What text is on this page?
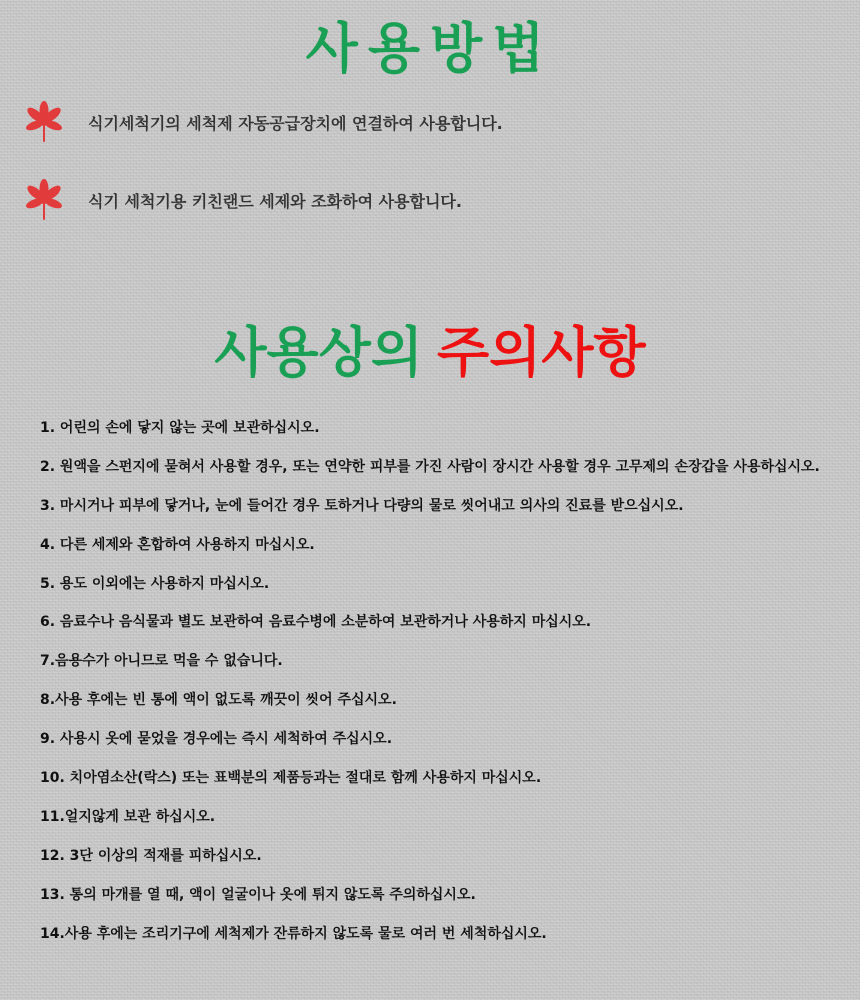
사용방법
식기세척기의 세척제 자동공급장치에 연결하여 사용합니다.
식기 세척기용 키친랜드 세제와 조화하여 사용합니다.
사용상의 주의사항
1. 어린의 손에 닿지 않는 곳에 보관하십시오.
2. 원액을 스펀지에 묻혀서 사용할 경우, 또는 연약한 피부를 가진 사람이 장시간 사용할 경우 고무제의 손장갑을 사용하십시오.
3. 마시거나 피부에 닿거나, 눈에 들어간 경우 토하거나 다량의 물로 씻어내고 의사의 진료를 받으십시오.
4. 다른 세제와 혼합하여 사용하지 마십시오.
5. 용도 이외에는 사용하지 마십시오.
6. 음료수나 음식물과 별도 보관하여 음료수병에 소분하여 보관하거나 사용하지 마십시오.
7.음용수가 아니므로 먹을 수 없습니다.
8.사용 후에는 빈 통에 액이 없도록 깨끗이 씻어 주십시오.
9. 사용시 옷에 묻었을 경우에는 즉시 세척하여 주십시오.
10. 치아염소산(락스) 또는 표백분의 제품등과는 절대로 함께 사용하지 마십시오.
11.얼지않게 보관 하십시오.
12. 3단 이상의 적재를 피하십시오.
13. 통의 마개를 열 때, 액이 얼굴이나 옷에 튀지 않도록 주의하십시오.
14.사용 후에는 조리기구에 세척제가 잔류하지 않도록 물로 여러 번 세척하십시오.
